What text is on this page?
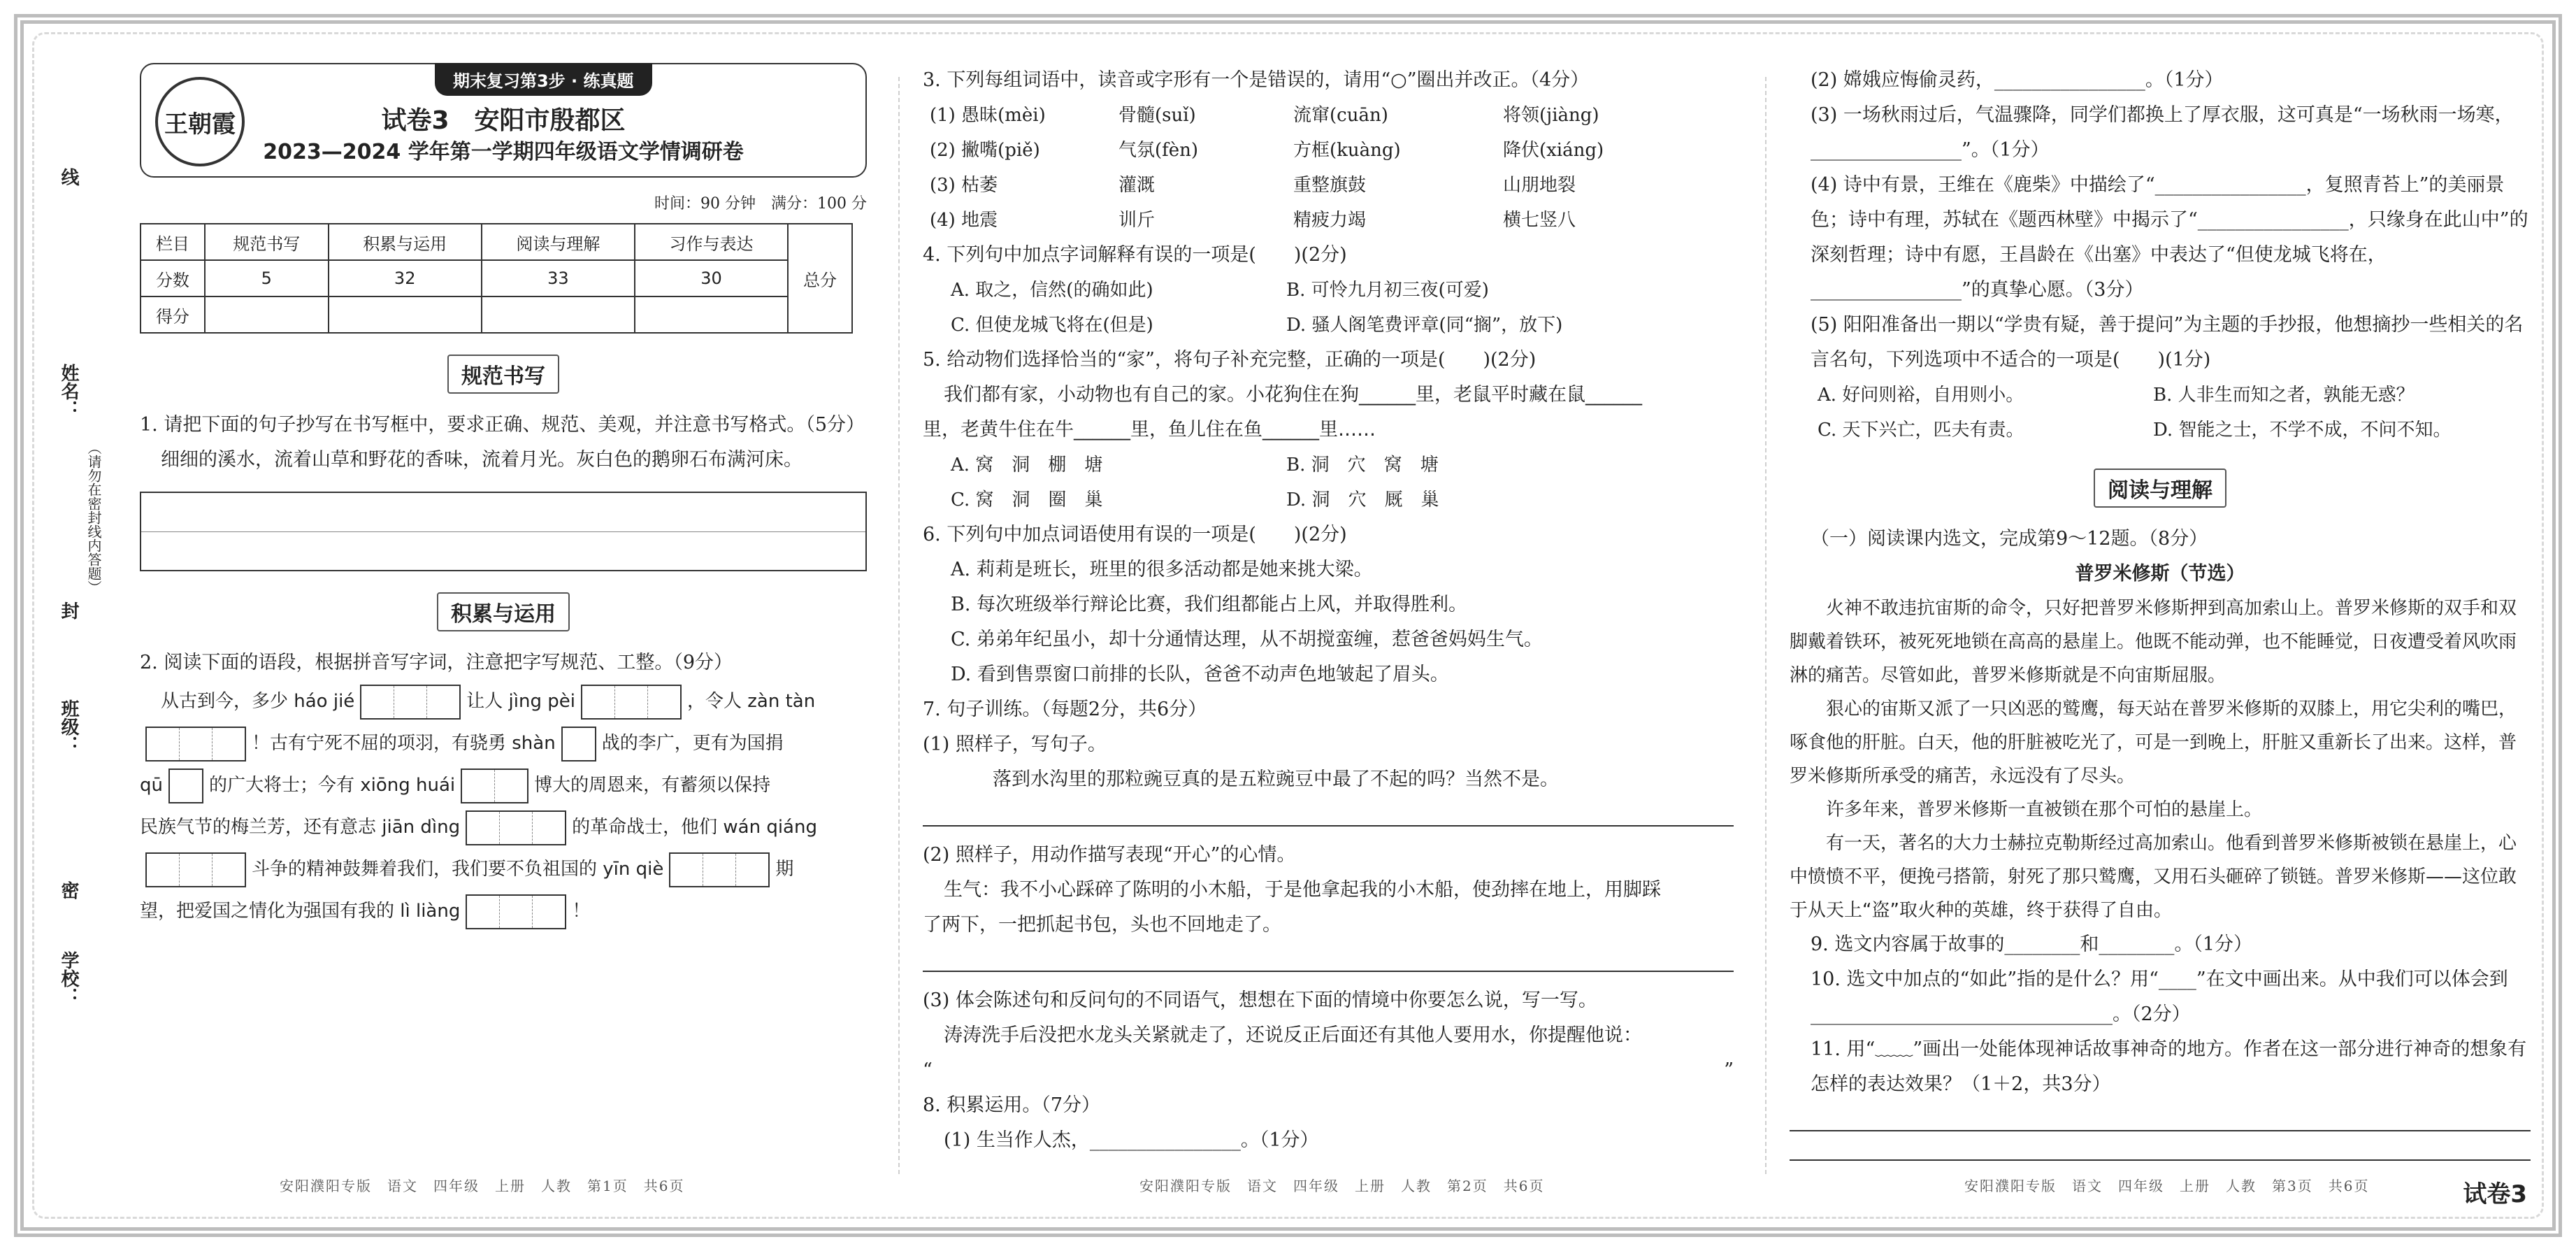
线
姓名：
（请勿在密封线内答题）
封
班级：
密
学校：
期末复习第3步 · 练真题
王朝霞	试卷3　安阳市殷都区
2023—2024 学年第一学期四年级语文学情调研卷
时间：90 分钟　满分：100 分
栏目	规范书写	积累与运用	阅读与理解	习作与表达	总分
分数	5	32	33	30	
得分					
规范书写

1. 请把下面的句子抄写在书写框中，要求正确、规范、美观，并注意书写格式。（5分）

细细的溪水，流着山草和野花的香味，流着月光。灰白色的鹅卵石布满河床。

积累与运用

2. 阅读下面的语段，根据拼音写字词，注意把字写规范、工整。（9分）

从古到今，多少 háo jié	让人 jìng pèi	，令人 zàn tàn
！古有宁死不屈的项羽，有骁勇 shàn	战的李广，更有为国捐
qū	的广大将士；今有 xiōng huái	博大的周恩来，有蓄须以保持
民族气节的梅兰芳，还有意志 jiān dìng	的革命战士，他们 wán qiáng
斗争的精神鼓舞着我们，我们要不负祖国的 yīn qiè	期
望，把爱国之情化为强国有我的 lì liàng	！
安阳濮阳专版　语文　四年级　上册　人教　第1页　共6页

3. 下列每组词语中，读音或字形有一个是错误的，请用“○”圈出并改正。（4分）

(1) 愚昧(mèi)	骨髓(suǐ)	流窜(cuān)	将领(jiàng)
(2) 撇嘴(piě)	气氛(fèn)	方框(kuàng)	降伏(xiáng)
(3) 枯萎	灌溉	重整旗鼓	山朋地裂
(4) 地震	训斤	精疲力竭	横七竖八

4. 下列句中加点字词解释有误的一项是(　　)(2分)

A. 取之，信然(的确如此)	B. 可怜九月初三夜(可爱)
C. 但使龙城飞将在(但是)	D. 骚人阁笔费评章(同“搁”，放下)

5. 给动物们选择恰当的“家”，将句子补充完整，正确的一项是(　　)(2分)

我们都有家，小动物也有自己的家。小花狗住在狗______里，老鼠平时藏在鼠______

里，老黄牛住在牛______里，鱼儿住在鱼______里……

A. 窝　洞　棚　塘	B. 洞　穴　窝　塘
C. 窝　洞　圈　巢	D. 洞　穴　厩　巢

6. 下列句中加点词语使用有误的一项是(　　)(2分)

A. 莉莉是班长，班里的很多活动都是她来挑大梁。

B. 每次班级举行辩论比赛，我们组都能占上风，并取得胜利。

C. 弟弟年纪虽小，却十分通情达理，从不胡搅蛮缠，惹爸爸妈妈生气。

D. 看到售票窗口前排的长队，爸爸不动声色地皱起了眉头。

7. 句子训练。（每题2分，共6分）

(1) 照样子，写句子。

落到水沟里的那粒豌豆真的是五粒豌豆中最了不起的吗？当然不是。

(2) 照样子，用动作描写表现“开心”的心情。

生气：我不小心踩碎了陈明的小木船，于是他拿起我的小木船，使劲摔在地上，用脚踩

了两下，一把抓起书包，头也不回地走了。

(3) 体会陈述句和反问句的不同语气，想想在下面的情境中你要怎么说，写一写。

涛涛洗手后没把水龙头关紧就走了，还说反正后面还有其他人要用水，你提醒他说：

“	”

8. 积累运用。（7分）

(1) 生当作人杰，________________。（1分）

安阳濮阳专版　语文　四年级　上册　人教　第2页　共6页

(2) 嫦娥应悔偷灵药，________________。（1分）

(3) 一场秋雨过后，气温骤降，同学们都换上了厚衣服，这可真是“一场秋雨一场寒，________________”。（1分）

(4) 诗中有景，王维在《鹿柴》中描绘了“________________，复照青苔上”的美丽景色；诗中有理，苏轼在《题西林壁》中揭示了“________________，只缘身在此山中”的深刻哲理；诗中有愿，王昌龄在《出塞》中表达了“但使龙城飞将在，________________”的真挚心愿。（3分）

(5) 阳阳准备出一期以“学贵有疑，善于提问”为主题的手抄报，他想摘抄一些相关的名言名句，下列选项中不适合的一项是(　　)(1分)

A. 好问则裕，自用则小。	B. 人非生而知之者，孰能无惑？
C. 天下兴亡，匹夫有责。	D. 智能之士，不学不成，不问不知。
阅读与理解

（一）阅读课内选文，完成第9～12题。（8分）

普罗米修斯（节选）

火神不敢违抗宙斯的命令，只好把普罗米修斯押到高加索山上。普罗米修斯的双手和双脚戴着铁环，被死死地锁在高高的悬崖上。他既不能动弹，也不能睡觉，日夜遭受着风吹雨淋的痛苦。尽管如此，普罗米修斯就是不向宙斯屈服。

狠心的宙斯又派了一只凶恶的鹫鹰，每天站在普罗米修斯的双膝上，用它尖利的嘴巴，啄食他的肝脏。白天，他的肝脏被吃光了，可是一到晚上，肝脏又重新长了出来。这样，普罗米修斯所承受的痛苦，永远没有了尽头。

许多年来，普罗米修斯一直被锁在那个可怕的悬崖上。

有一天，著名的大力士赫拉克勒斯经过高加索山。他看到普罗米修斯被锁在悬崖上，心中愤愤不平，便挽弓搭箭，射死了那只鹫鹰，又用石头砸碎了锁链。普罗米修斯——这位敢于从天上“盗”取火种的英雄，终于获得了自由。

9. 选文内容属于故事的________和________。（1分）

10. 选文中加点的“如此”指的是什么？用“____”在文中画出来。从中我们可以体会到________________________________。（2分）

11. 用“﹏﹏”画出一处能体现神话故事神奇的地方。作者在这一部分进行神奇的想象有怎样的表达效果？（1＋2，共3分）

安阳濮阳专版　语文　四年级　上册　人教　第3页　共6页	试卷3
